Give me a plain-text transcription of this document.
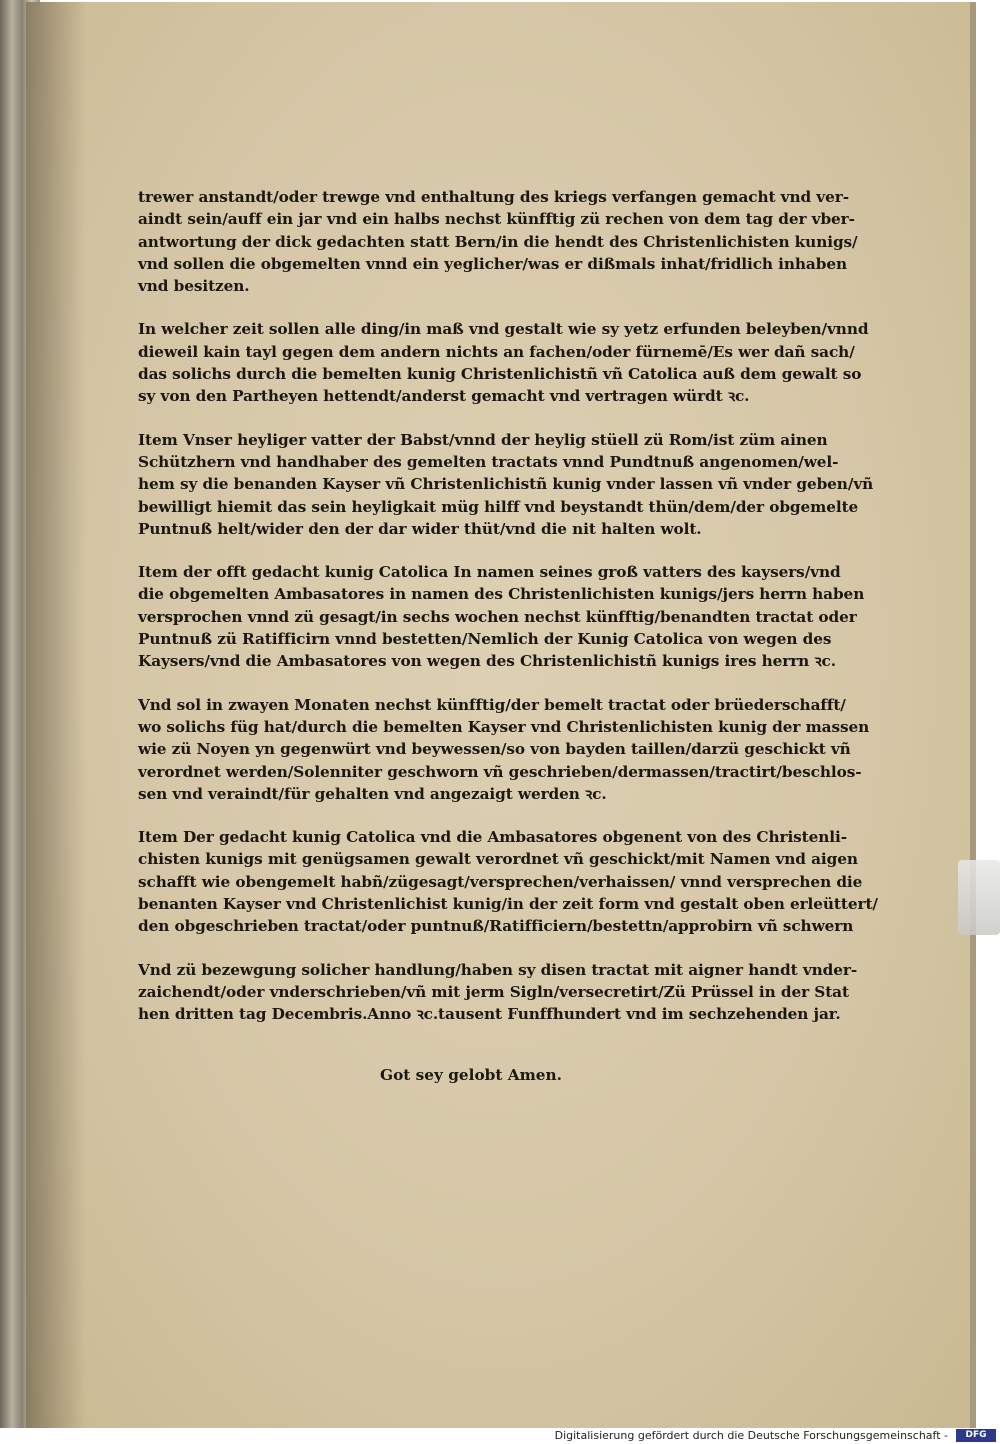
trewer anstandt/oder trewge vnd enthaltung des kriegs verfangen gemacht vnd ver-
aindt sein/auff ein jar vnd ein halbs nechst künfftig zü rechen von dem tag der vber-
antwortung der dick gedachten statt Bern/in die hendt des Christenlichisten kunigs/
vnd sollen die obgemelten vnnd ein yeglicher/was er dißmals inhat/fridlich inhaben
vnd besitzen.

In welcher zeit sollen alle ding/in maß vnd gestalt wie sy yetz erfunden beleyben/vnnd
dieweil kain tayl gegen dem andern nichts an fachen/oder fürnemē/Es wer dañ sach/
das solichs durch die bemelten kunig Christenlichistñ vñ Catolica auß dem gewalt so
sy von den Partheyen hettendt/anderst gemacht vnd vertragen würdt ꝛc.

Item Vnser heyliger vatter der Babst/vnnd der heylig stüell zü Rom/ist züm ainen
Schützhern vnd handhaber des gemelten tractats vnnd Pundtnuß angenomen/wel-
hem sy die benanden Kayser vñ Christenlichistñ kunig vnder lassen vñ vnder geben/vñ
bewilligt hiemit das sein heyligkait müg hilff vnd beystandt thün/dem/der obgemelte
Puntnuß helt/wider den der dar wider thüt/vnd die nit halten wolt.

Item der offt gedacht kunig Catolica In namen seines groß vatters des kaysers/vnd
die obgemelten Ambasatores in namen des Christenlichisten kunigs/jers herrn haben
versprochen vnnd zü gesagt/in sechs wochen nechst künfftig/benandten tractat oder
Puntnuß zü Ratifficirn vnnd bestetten/Nemlich der Kunig Catolica von wegen des
Kaysers/vnd die Ambasatores von wegen des Christenlichistñ kunigs ires herrn ꝛc.

Vnd sol in zwayen Monaten nechst künfftig/der bemelt tractat oder brüederschafft/
wo solichs füg hat/durch die bemelten Kayser vnd Christenlichisten kunig der massen
wie zü Noyen yn gegenwürt vnd beywessen/so von bayden taillen/darzü geschickt vñ
verordnet werden/Solenniter geschworn vñ geschrieben/dermassen/tractirt/beschlos-
sen vnd veraindt/für gehalten vnd angezaigt werden ꝛc.

Item Der gedacht kunig Catolica vnd die Ambasatores obgenent von des Christenli-
chisten kunigs mit genügsamen gewalt verordnet vñ geschickt/mit Namen vnd aigen
schafft wie obengemelt habñ/zügesagt/versprechen/verhaissen/ vnnd versprechen die
benanten Kayser vnd Christenlichist kunig/in der zeit form vnd gestalt oben erleüttert/
den obgeschrieben tractat/oder puntnuß/Ratifficiern/bestettn/approbirn vñ schwern

Vnd zü bezewgung solicher handlung/haben sy disen tractat mit aigner handt vnder-
zaichendt/oder vnderschrieben/vñ mit jerm Sigln/versecretirt/Zü Prüssel in der Stat
hen dritten tag Decembris.Anno ꝛc.tausent Funffhundert vnd im sechzehenden jar.

Got sey gelobt Amen.
Digitalisierung gefördert durch die Deutsche Forschungsgemeinschaft -	DFG
